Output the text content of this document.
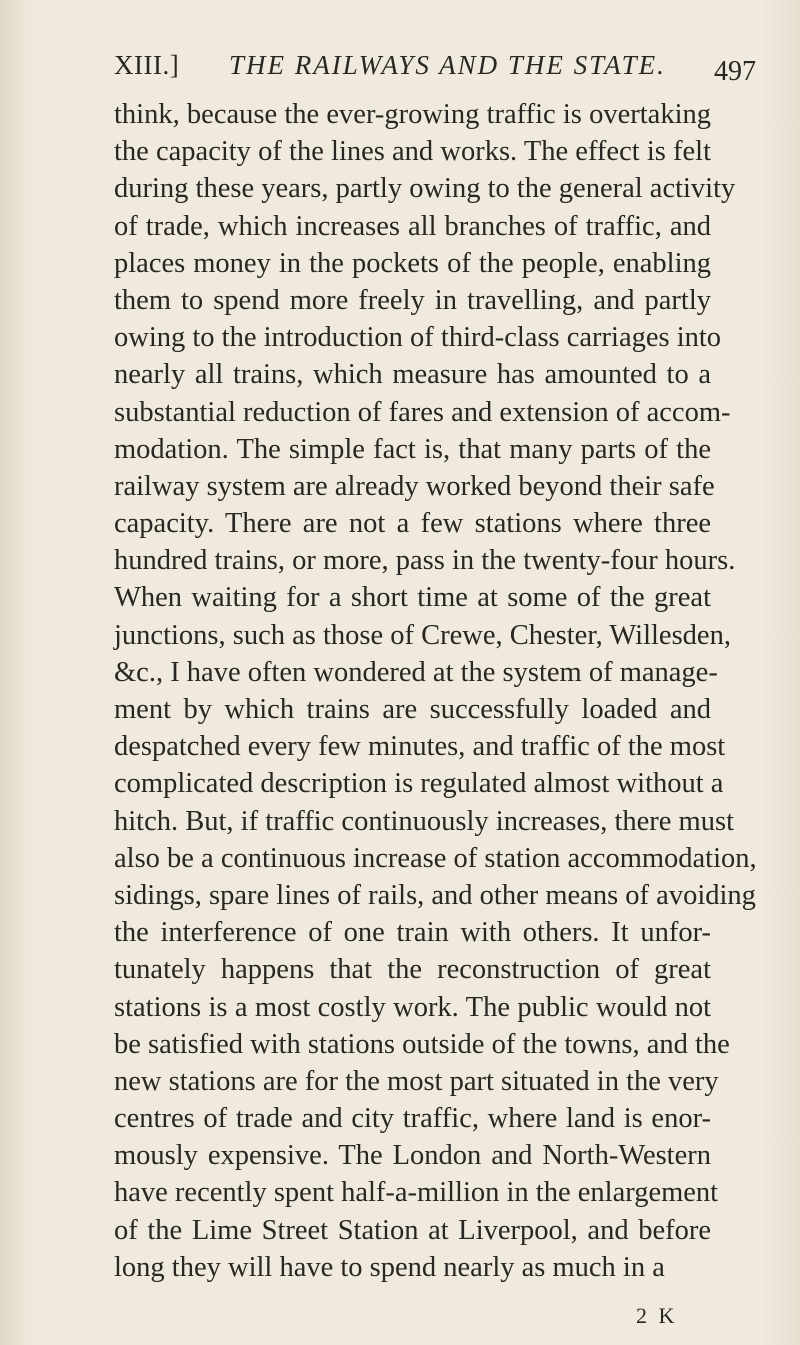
XIII.] THE RAILWAYS AND THE STATE. 497
think, because the ever-growing traffic is overtaking
the capacity of the lines and works. The effect is felt
during these years, partly owing to the general activity
of trade, which increases all branches of traffic, and
places money in the pockets of the people, enabling
them to spend more freely in travelling, and partly
owing to the introduction of third-class carriages into
nearly all trains, which measure has amounted to a
substantial reduction of fares and extension of accom-
modation. The simple fact is, that many parts of the
railway system are already worked beyond their safe
capacity. There are not a few stations where three
hundred trains, or more, pass in the twenty-four hours.
When waiting for a short time at some of the great
junctions, such as those of Crewe, Chester, Willesden,
&c., I have often wondered at the system of manage-
ment by which trains are successfully loaded and
despatched every few minutes, and traffic of the most
complicated description is regulated almost without a
hitch. But, if traffic continuously increases, there must
also be a continuous increase of station accommodation,
sidings, spare lines of rails, and other means of avoiding
the interference of one train with others. It unfor-
tunately happens that the reconstruction of great
stations is a most costly work. The public would not
be satisfied with stations outside of the towns, and the
new stations are for the most part situated in the very
centres of trade and city traffic, where land is enor-
mously expensive. The London and North-Western
have recently spent half-a-million in the enlargement
of the Lime Street Station at Liverpool, and before
long they will have to spend nearly as much in a
2 K
